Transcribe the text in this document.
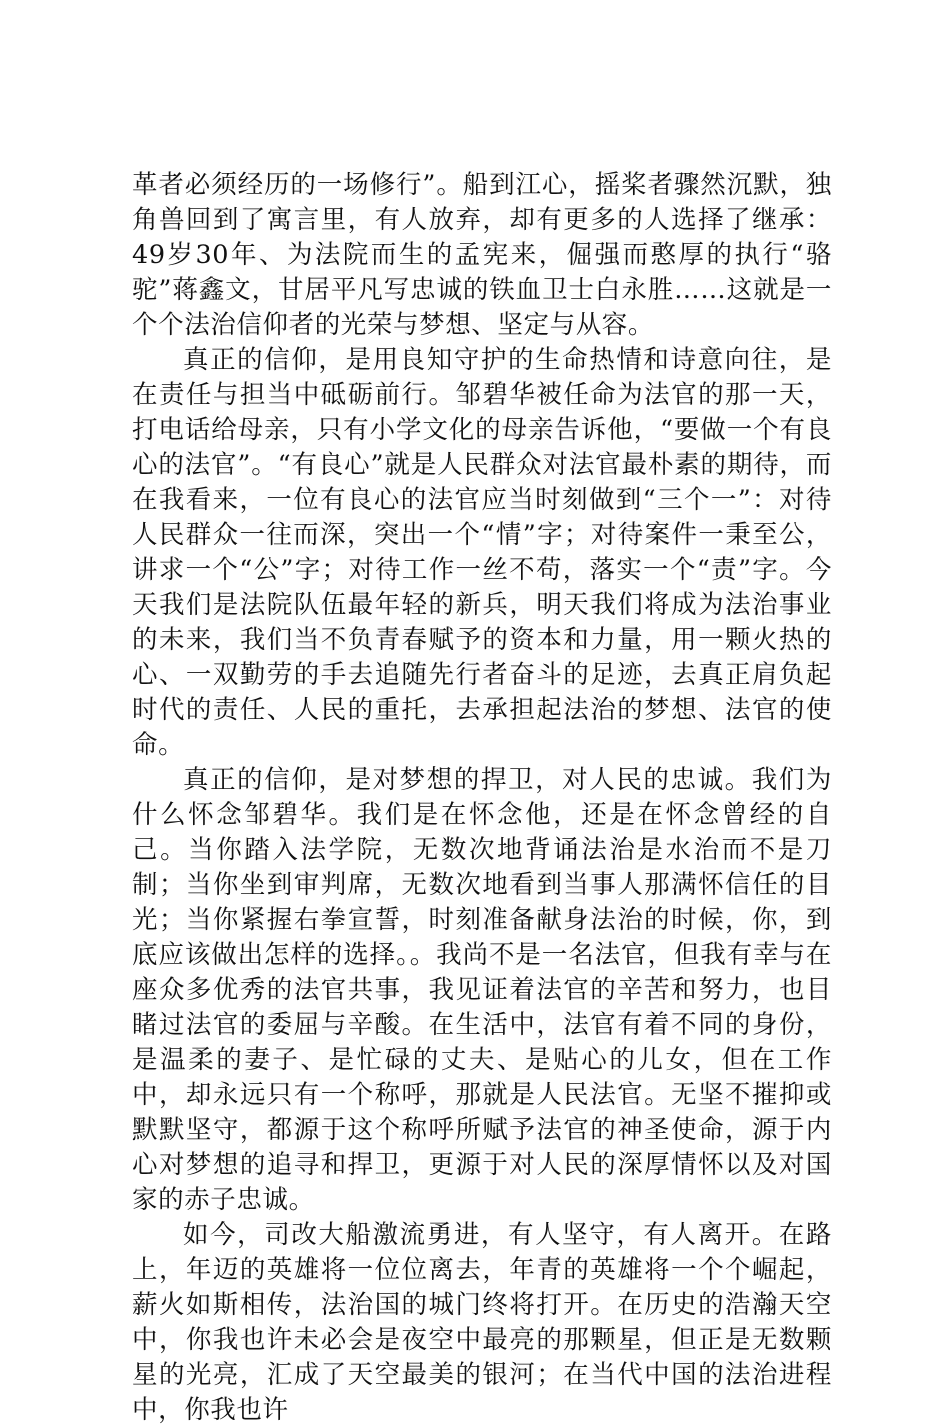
革者必须经历的一场修行”。船到江心，摇桨者骤然沉默，独角兽回到了寓言里，有人放弃，却有更多的人选择了继承：49岁30年、为法院而生的孟宪来，倔强而憨厚的执行“骆驼”蒋鑫文，甘居平凡写忠诚的铁血卫士白永胜……这就是一个个法治信仰者的光荣与梦想、坚定与从容。

真正的信仰，是用良知守护的生命热情和诗意向往，是在责任与担当中砥砺前行。邹碧华被任命为法官的那一天，打电话给母亲，只有小学文化的母亲告诉他，“要做一个有良心的法官”。“有良心”就是人民群众对法官最朴素的期待，而在我看来，一位有良心的法官应当时刻做到“三个一”：对待人民群众一往而深，突出一个“情”字；对待案件一秉至公，讲求一个“公”字；对待工作一丝不苟，落实一个“责”字。今天我们是法院队伍最年轻的新兵，明天我们将成为法治事业的未来，我们当不负青春赋予的资本和力量，用一颗火热的心、一双勤劳的手去追随先行者奋斗的足迹，去真正肩负起时代的责任、人民的重托，去承担起法治的梦想、法官的使命。

真正的信仰，是对梦想的捍卫，对人民的忠诚。我们为什么怀念邹碧华。我们是在怀念他，还是在怀念曾经的自己。当你踏入法学院，无数次地背诵法治是水治而不是刀制；当你坐到审判席，无数次地看到当事人那满怀信任的目光；当你紧握右拳宣誓，时刻准备献身法治的时候，你，到底应该做出怎样的选择。。我尚不是一名法官，但我有幸与在座众多优秀的法官共事，我见证着法官的辛苦和努力，也目睹过法官的委屈与辛酸。在生活中，法官有着不同的身份，是温柔的妻子、是忙碌的丈夫、是贴心的儿女，但在工作中，却永远只有一个称呼，那就是人民法官。无坚不摧抑或默默坚守，都源于这个称呼所赋予法官的神圣使命，源于内心对梦想的追寻和捍卫，更源于对人民的深厚情怀以及对国家的赤子忠诚。

如今，司改大船激流勇进，有人坚守，有人离开。在路上，年迈的英雄将一位位离去，年青的英雄将一个个崛起，薪火如斯相传，法治国的城门终将打开。在历史的浩瀚天空中，你我也许未必会是夜空中最亮的那颗星，但正是无数颗星的光亮，汇成了天空最美的银河；在当代中国的法治进程中，你我也许
